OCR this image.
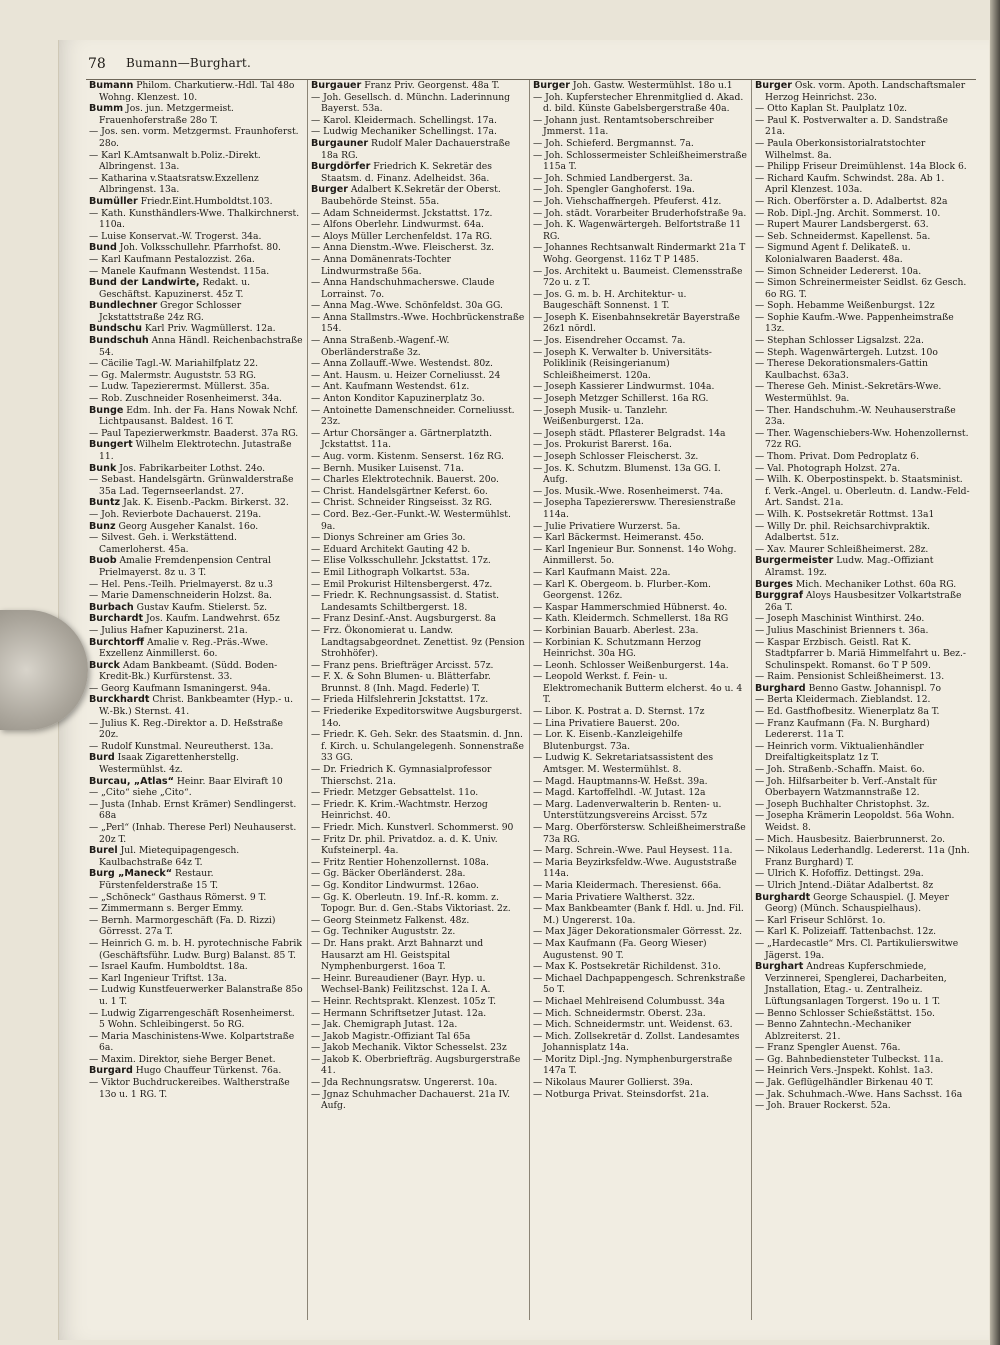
78 Bumann—Burghart.

Bumann Philom. Charkutierw.-Hdl. Tal 48o Wohng. Klenzest. 10.

Bumm Jos. jun. Metzgermeist. Frauenhoferstraße 28o T.

— Jos. sen. vorm. Metzgermst. Fraunhoferst. 28o.

— Karl K.Amtsanwalt b.Poliz.-Direkt. Albringenst. 13a.

— Katharina v.Staatsratsw.Exzellenz Albringenst. 13a.

Bumüller Friedr.Eint.Humboldtst.103.

— Kath. Kunsthändlers-Wwe. Thalkirchnerst. 110a.

— Luise Konservat.-W. Trogerst. 34a.

Bund Joh. Volksschullehr. Pfarrhofst. 80.

— Karl Kaufmann Pestalozzist. 26a.

— Manele Kaufmann Westendst. 115a.

Bund der Landwirte, Redakt. u. Geschäftst. Kapuzinerst. 45z T.

Bundlechner Gregor Schlosser Jckstattstraße 24z RG.

Bundschu Karl Priv. Wagmüllerst. 12a.

Bundschuh Anna Händl. Reichenbachstraße 54.

— Cäcilie Tagl.-W. Mariahilfplatz 22.

— Gg. Malermstr. Auguststr. 53 RG.

— Ludw. Tapezierermst. Müllerst. 35a.

— Rob. Zuschneider Rosenheimerst. 34a.

Bunge Edm. Inh. der Fa. Hans Nowak Nchf. Lichtpausanst. Baldest. 16 T.

— Paul Tapezierwerkmstr. Baaderst. 37a RG.

Bungert Wilhelm Elektrotechn. Jutastraße 11.

Bunk Jos. Fabrikarbeiter Lothst. 24o.

— Sebast. Handelsgärtn. Grünwalderstraße 35a Lad. Tegernseerlandst. 27.

Buntz Jak. K. Eisenb.-Packm. Birkerst. 32.

— Joh. Revierbote Dachauerst. 219a.

Bunz Georg Ausgeher Kanalst. 16o.

— Silvest. Geh. i. Werkstättend. Camerloherst. 45a.

Buob Amalie Fremdenpension Central Prielmayerst. 8z u. 3 T.

— Hel. Pens.-Teilh. Prielmayerst. 8z u.3

— Marie Damenschneiderin Holzst. 8a.

Burbach Gustav Kaufm. Stielerst. 5z.

Burchardt Jos. Kaufm. Landwehrst. 65z

— Julius Hafner Kapuzinerst. 21a.

Burchtorff Amalie v. Reg.-Präs.-Wwe. Exzellenz Ainmillerst. 6o.

Burck Adam Bankbeamt. (Südd. Boden-Kredit-Bk.) Kurfürstenst. 33.

— Georg Kaufmann Ismaningerst. 94a.

Burckhardt Christ. Bankbeamter (Hyp.- u. W.-Bk.) Sternst. 41.

— Julius K. Reg.-Direktor a. D. Heßstraße 20z.

— Rudolf Kunstmal. Neureutherst. 13a.

Burd Isaak Zigarettenherstellg. Westermühlst. 4z.

Burcau, „Atlas“ Heinr. Baar Elviraft 10

— „Cito“ siehe „Cito“.

— Justa (Inhab. Ernst Krämer) Sendlingerst. 68a

— „Perl“ (Inhab. Therese Perl) Neuhauserst. 20z T.

Burel Jul. Mietequipagengesch. Kaulbachstraße 64z T.

Burg „Maneck“ Restaur. Fürstenfelderstraße 15 T.

— „Schöneck“ Gasthaus Römerst. 9 T.

— Zimmermann s. Berger Emmy.

— Bernh. Marmorgeschäft (Fa. D. Rizzi) Görresst. 27a T.

— Heinrich G. m. b. H. pyrotechnische Fabrik (Geschäftsführ. Ludw. Burg) Balanst. 85 T.

— Israel Kaufm. Humboldtst. 18a.

— Karl Ingenieur Triftst. 13a.

— Ludwig Kunstfeuerwerker Balanstraße 85o u. 1 T.

— Ludwig Zigarrengeschäft Rosenheimerst. 5 Wohn. Schleibingerst. 5o RG.

— Maria Maschinistens-Wwe. Kolpartstraße 6a.

— Maxim. Direktor, siehe Berger Benet.

Burgard Hugo Chauffeur Türkenst. 76a.

— Viktor Buchdruckereibes. Waltherstraße 13o u. 1 RG. T.

Burgauer Franz Priv. Georgenst. 48a T.

— Joh. Gesellsch. d. Münchn. Laderinnung Bayerst. 53a.

— Karol. Kleidermach. Schellingst. 17a.

— Ludwig Mechaniker Schellingst. 17a.

Burgauner Rudolf Maler Dachauerstraße 18a RG.

Burgdörfer Friedrich K. Sekretär des Staatsm. d. Finanz. Adelheidst. 36a.

Burger Adalbert K.Sekretär der Oberst. Baubehörde Steinst. 55a.

— Adam Schneidermst. Jckstattst. 17z.

— Alfons Oberlehr. Lindwurmst. 64a.

— Aloys Müller Lerchenfeldst. 17a RG.

— Anna Dienstm.-Wwe. Fleischerst. 3z.

— Anna Domänenrats-Tochter Lindwurmstraße 56a.

— Anna Handschuhmacherswe. Claude Lorrainst. 7o.

— Anna Mag.-Wwe. Schönfeldst. 30a GG.

— Anna Stallmstrs.-Wwe. Hochbrückenstraße 154.

— Anna Straßenb.-Wagenf.-W. Oberländerstraße 3z.

— Anna Zollauff.-Wwe. Westendst. 80z.

— Ant. Hausm. u. Heizer Corneliusst. 24

— Ant. Kaufmann Westendst. 61z.

— Anton Konditor Kapuzinerplatz 3o.

— Antoinette Damenschneider. Corneliusst. 23z.

— Artur Chorsänger a. Gärtnerplatzth. Jckstattst. 11a.

— Aug. vorm. Kistenm. Senserst. 16z RG.

— Bernh. Musiker Luisenst. 71a.

— Charles Elektrotechnik. Bauerst. 20o.

— Christ. Handelsgärtner Keferst. 6o.

— Christ. Schneider Ringseisst. 3z RG.

— Cord. Bez.-Ger.-Funkt.-W. Westermühlst. 9a.

— Dionys Schreiner am Gries 3o.

— Eduard Architekt Gauting 42 b.

— Elise Volksschullehr. Jckstattst. 17z.

— Emil Lithograph Volkartst. 53a.

— Emil Prokurist Hiltensbergerst. 47z.

— Friedr. K. Rechnungsassist. d. Statist. Landesamts Schiltbergerst. 18.

— Franz Desinf.-Anst. Augsburgerst. 8a

— Frz. Ökonomierat u. Landw. Landtagsabgeordnet. Zenettist. 9z (Pension Strohhöfer).

— Franz pens. Briefträger Arcisst. 57z.

— F. X. & Sohn Blumen- u. Blätterfabr. Brunnst. 8 (Inh. Magd. Federle) T.

— Frieda Hilfslehrerin Jckstattst. 17z.

— Friederike Expeditorswitwe Augsburgerst. 14o.

— Friedr. K. Geh. Sekr. des Staatsmin. d. Jnn. f. Kirch. u. Schulangelegenh. Sonnenstraße 33 GG.

— Dr. Friedrich K. Gymnasialprofessor Thierschst. 21a.

— Friedr. Metzger Gebsattelst. 11o.

— Friedr. K. Krim.-Wachtmstr. Herzog Heinrichst. 40.

— Friedr. Mich. Kunstverl. Schommerst. 90

— Fritz Dr. phil. Privatdoz. a. d. K. Univ. Kufsteinerpl. 4a.

— Fritz Rentier Hohenzollernst. 108a.

— Gg. Bäcker Oberländerst. 28a.

— Gg. Konditor Lindwurmst. 126ao.

— Gg. K. Oberleutn. 19. Inf.-R. komm. z. Topogr. Bur. d. Gen.-Stabs Viktoriast. 2z.

— Georg Steinmetz Falkenst. 48z.

— Gg. Techniker Auguststr. 2z.

— Dr. Hans prakt. Arzt Bahnarzt und Hausarzt am Hl. Geistspital Nymphenburgerst. 16oa T.

— Heinr. Bureaudiener (Bayr. Hyp. u. Wechsel-Bank) Feilitzschst. 12a I. A.

— Heinr. Rechtsprakt. Klenzest. 105z T.

— Hermann Schriftsetzer Jutast. 12a.

— Jak. Chemigraph Jutast. 12a.

— Jakob Magistr.-Offiziant Tal 65a

— Jakob Mechanik. Viktor Schesselst. 23z

— Jakob K. Oberbriefträg. Augsburgerstraße 41.

— Jda Rechnungsratsw. Ungererst. 10a.

— Jgnaz Schuhmacher Dachauerst. 21a IV. Aufg.

Burger Joh. Gastw. Westermühlst. 18o u.1

— Joh. Kupferstecher Ehrenmitglied d. Akad. d. bild. Künste Gabelsbergerstraße 40a.

— Johann just. Rentamtsoberschreiber Jmmerst. 11a.

— Joh. Schieferd. Bergmannst. 7a.

— Joh. Schlossermeister Schleißheimerstraße 115a T.

— Joh. Schmied Landbergerst. 3a.

— Joh. Spengler Ganghoferst. 19a.

— Joh. Viehschaffnergeh. Pfeuferst. 41z.

— Joh. städt. Vorarbeiter Bruderhofstraße 9a.

— Joh. K. Wagenwärtergeh. Belfortstraße 11 RG.

— Johannes Rechtsanwalt Rindermarkt 21a T Wohg. Georgenst. 116z T P 1485.

— Jos. Architekt u. Baumeist. Clemensstraße 72o u. z T.

— Jos. G. m. b. H. Architektur- u. Baugeschäft Sonnenst. 1 T.

— Joseph K. Eisenbahnsekretär Bayerstraße 26z1 nördl.

— Jos. Eisendreher Occamst. 7a.

— Joseph K. Verwalter b. Universitäts-Poliklinik (Reisingerianum) Schleißheimerst. 120a.

— Joseph Kassierer Lindwurmst. 104a.

— Joseph Metzger Schillerst. 16a RG.

— Joseph Musik- u. Tanzlehr. Weißenburgerst. 12a.

— Joseph städt. Pflasterer Belgradst. 14a

— Jos. Prokurist Barerst. 16a.

— Joseph Schlosser Fleischerst. 3z.

— Jos. K. Schutzm. Blumenst. 13a GG. I. Aufg.

— Jos. Musik.-Wwe. Rosenheimerst. 74a.

— Josepha Tapezierersww. Theresienstraße 114a.

— Julie Privatiere Wurzerst. 5a.

— Karl Bäckermst. Heimeranst. 45o.

— Karl Ingenieur Bur. Sonnenst. 14o Wohg. Ainmillerst. 5o.

— Karl Kaufmann Maist. 22a.

— Karl K. Obergeom. b. Flurber.-Kom. Georgenst. 126z.

— Kaspar Hammerschmied Hübnerst. 4o.

— Kath. Kleidermch. Schmellerst. 18a RG

— Korbinian Bauarb. Aberlest. 23a.

— Korbinian K. Schutzmann Herzog Heinrichst. 30a HG.

— Leonh. Schlosser Weißenburgerst. 14a.

— Leopold Werkst. f. Fein- u. Elektromechanik Butterm elcherst. 4o u. 4 T.

— Libor. K. Postrat a. D. Sternst. 17z

— Lina Privatiere Bauerst. 20o.

— Lor. K. Eisenb.-Kanzleigehilfe Blutenburgst. 73a.

— Ludwig K. Sekretariatsassistent des Amtsger. M. Westermühlst. 8.

— Magd. Hauptmanns-W. Heßst. 39a.

— Magd. Kartoffelhdl. -W. Jutast. 12a

— Marg. Ladenverwalterin b. Renten- u. Unterstützungsvereins Arcisst. 57z

— Marg. Oberförstersw. Schleißheimerstraße 73a RG.

— Marg. Schrein.-Wwe. Paul Heysest. 11a.

— Maria Beyzirksfeldw.-Wwe. Auguststraße 114a.

— Maria Kleidermach. Theresienst. 66a.

— Maria Privatiere Waltherst. 32z.

— Max Bankbeamter (Bank f. Hdl. u. Jnd. Fil. M.) Ungererst. 10a.

— Max Jäger Dekorationsmaler Görresst. 2z.

— Max Kaufmann (Fa. Georg Wieser) Augustenst. 90 T.

— Max K. Postsekretär Richildenst. 31o.

— Michael Dachpappengesch. Schrenkstraße 5o T.

— Michael Mehlreisend Columbusst. 34a

— Mich. Schneidermstr. Oberst. 23a.

— Mich. Schneidermstr. unt. Weidenst. 63.

— Mich. Zollsekretär d. Zollst. Landesamtes Johannisplatz 14a.

— Moritz Dipl.-Jng. Nymphenburgerstraße 147a T.

— Nikolaus Maurer Gollierst. 39a.

— Notburga Privat. Steinsdorfst. 21a.

Burger Osk. vorm. Apoth. Landschaftsmaler Herzog Heinrichst. 23o.

— Otto Kaplan St. Paulplatz 10z.

— Paul K. Postverwalter a. D. Sandstraße 21a.

— Paula Oberkonsistorialratstochter Wilhelmst. 8a.

— Philipp Friseur Dreimühlenst. 14a Block 6.

— Richard Kaufm. Schwindst. 28a. Ab 1. April Klenzest. 103a.

— Rich. Oberförster a. D. Adalbertst. 82a

— Rob. Dipl.-Jng. Archit. Sommerst. 10.

— Rupert Maurer Landsbergerst. 63.

— Seb. Schneidermst. Kapellenst. 5a.

— Sigmund Agent f. Delikateß. u. Kolonialwaren Baaderst. 48a.

— Simon Schneider Ledererst. 10a.

— Simon Schreinermeister Seidlst. 6z Gesch. 6o RG. T.

— Soph. Hebamme Weißenburgst. 12z

— Sophie Kaufm.-Wwe. Pappenheimstraße 13z.

— Stephan Schlosser Ligsalzst. 22a.

— Steph. Wagenwärtergeh. Lutzst. 10o

— Therese Dekorationsmalers-Gattin Kaulbachst. 63a3.

— Therese Geh. Minist.-Sekretärs-Wwe. Westermühlst. 9a.

— Ther. Handschuhm.-W. Neuhauserstraße 23a.

— Ther. Wagenschiebers-Ww. Hohenzollernst. 72z RG.

— Thom. Privat. Dom Pedroplatz 6.

— Val. Photograph Holzst. 27a.

— Wilh. K. Oberpostinspekt. b. Staatsminist. f. Verk.-Angel. u. Oberleutn. d. Landw.-Feld-Art. Sandst. 21a.

— Wilh. K. Postsekretär Rottmst. 13a1

— Willy Dr. phil. Reichsarchivpraktik. Adalbertst. 51z.

— Xav. Maurer Schleißheimerst. 28z.

Burgermeister Ludw. Mag.-Offiziant Alramst. 19z.

Burges Mich. Mechaniker Lothst. 60a RG.

Burggraf Aloys Hausbesitzer Volkartstraße 26a T.

— Joseph Maschinist Winthirst. 24o.

— Julius Maschinist Brienners t. 36a.

— Kaspar Erzbisch. Geistl. Rat K. Stadtpfarrer b. Mariä Himmelfahrt u. Bez.-Schulinspekt. Romanst. 6o T P 509.

— Raim. Pensionist Schleißheimerst. 13.

Burghard Benno Gastw. Johannispl. 7o

— Berta Kleidermach. Zieblandst. 12.

— Ed. Gastfhofbesitz. Wienerplatz 8a T.

— Franz Kaufmann (Fa. N. Burghard) Ledererst. 11a T.

— Heinrich vorm. Viktualienhändler Dreifaltigkeitsplatz 1z T.

— Joh. Straßenb.-Schaffn. Maist. 6o.

— Joh. Hilfsarbeiter b. Verf.-Anstalt für Oberbayern Watzmannstraße 12.

— Joseph Buchhalter Christophst. 3z.

— Josepha Krämerin Leopoldst. 56a Wohn. Weidst. 8.

— Mich. Hausbesitz. Baierbrunnerst. 2o.

— Nikolaus Lederhandlg. Ledererst. 11a (Jnh. Franz Burghard) T.

— Ulrich K. Hofoffiz. Dettingst. 29a.

— Ulrich Jntend.-Diätar Adalbertst. 8z

Burghardt George Schauspiel. (J. Meyer Georg) (Münch. Schauspielhaus).

— Karl Friseur Schlörst. 1o.

— Karl K. Polizeiaff. Tattenbachst. 12z.

— „Hardecastle“ Mrs. Cl. Partikulierswitwe Jägerst. 19a.

Burghart Andreas Kupferschmiede, Verzinnerei, Spenglerei, Dacharbeiten, Jnstallation, Etag.- u. Zentralheiz. Lüftungsanlagen Torgerst. 19o u. 1 T.

— Benno Schlosser Schießstättst. 15o.

— Benno Zahntechn.-Mechaniker Ablzreiterst. 21.

— Franz Spengler Auenst. 76a.

— Gg. Bahnbediensteter Tulbeckst. 11a.

— Heinrich Vers.-Jnspekt. Kohlst. 1a3.

— Jak. Geflügelhändler Birkenau 40 T.

— Jak. Schuhmach.-Wwe. Hans Sachsst. 16a

— Joh. Brauer Rockerst. 52a.
